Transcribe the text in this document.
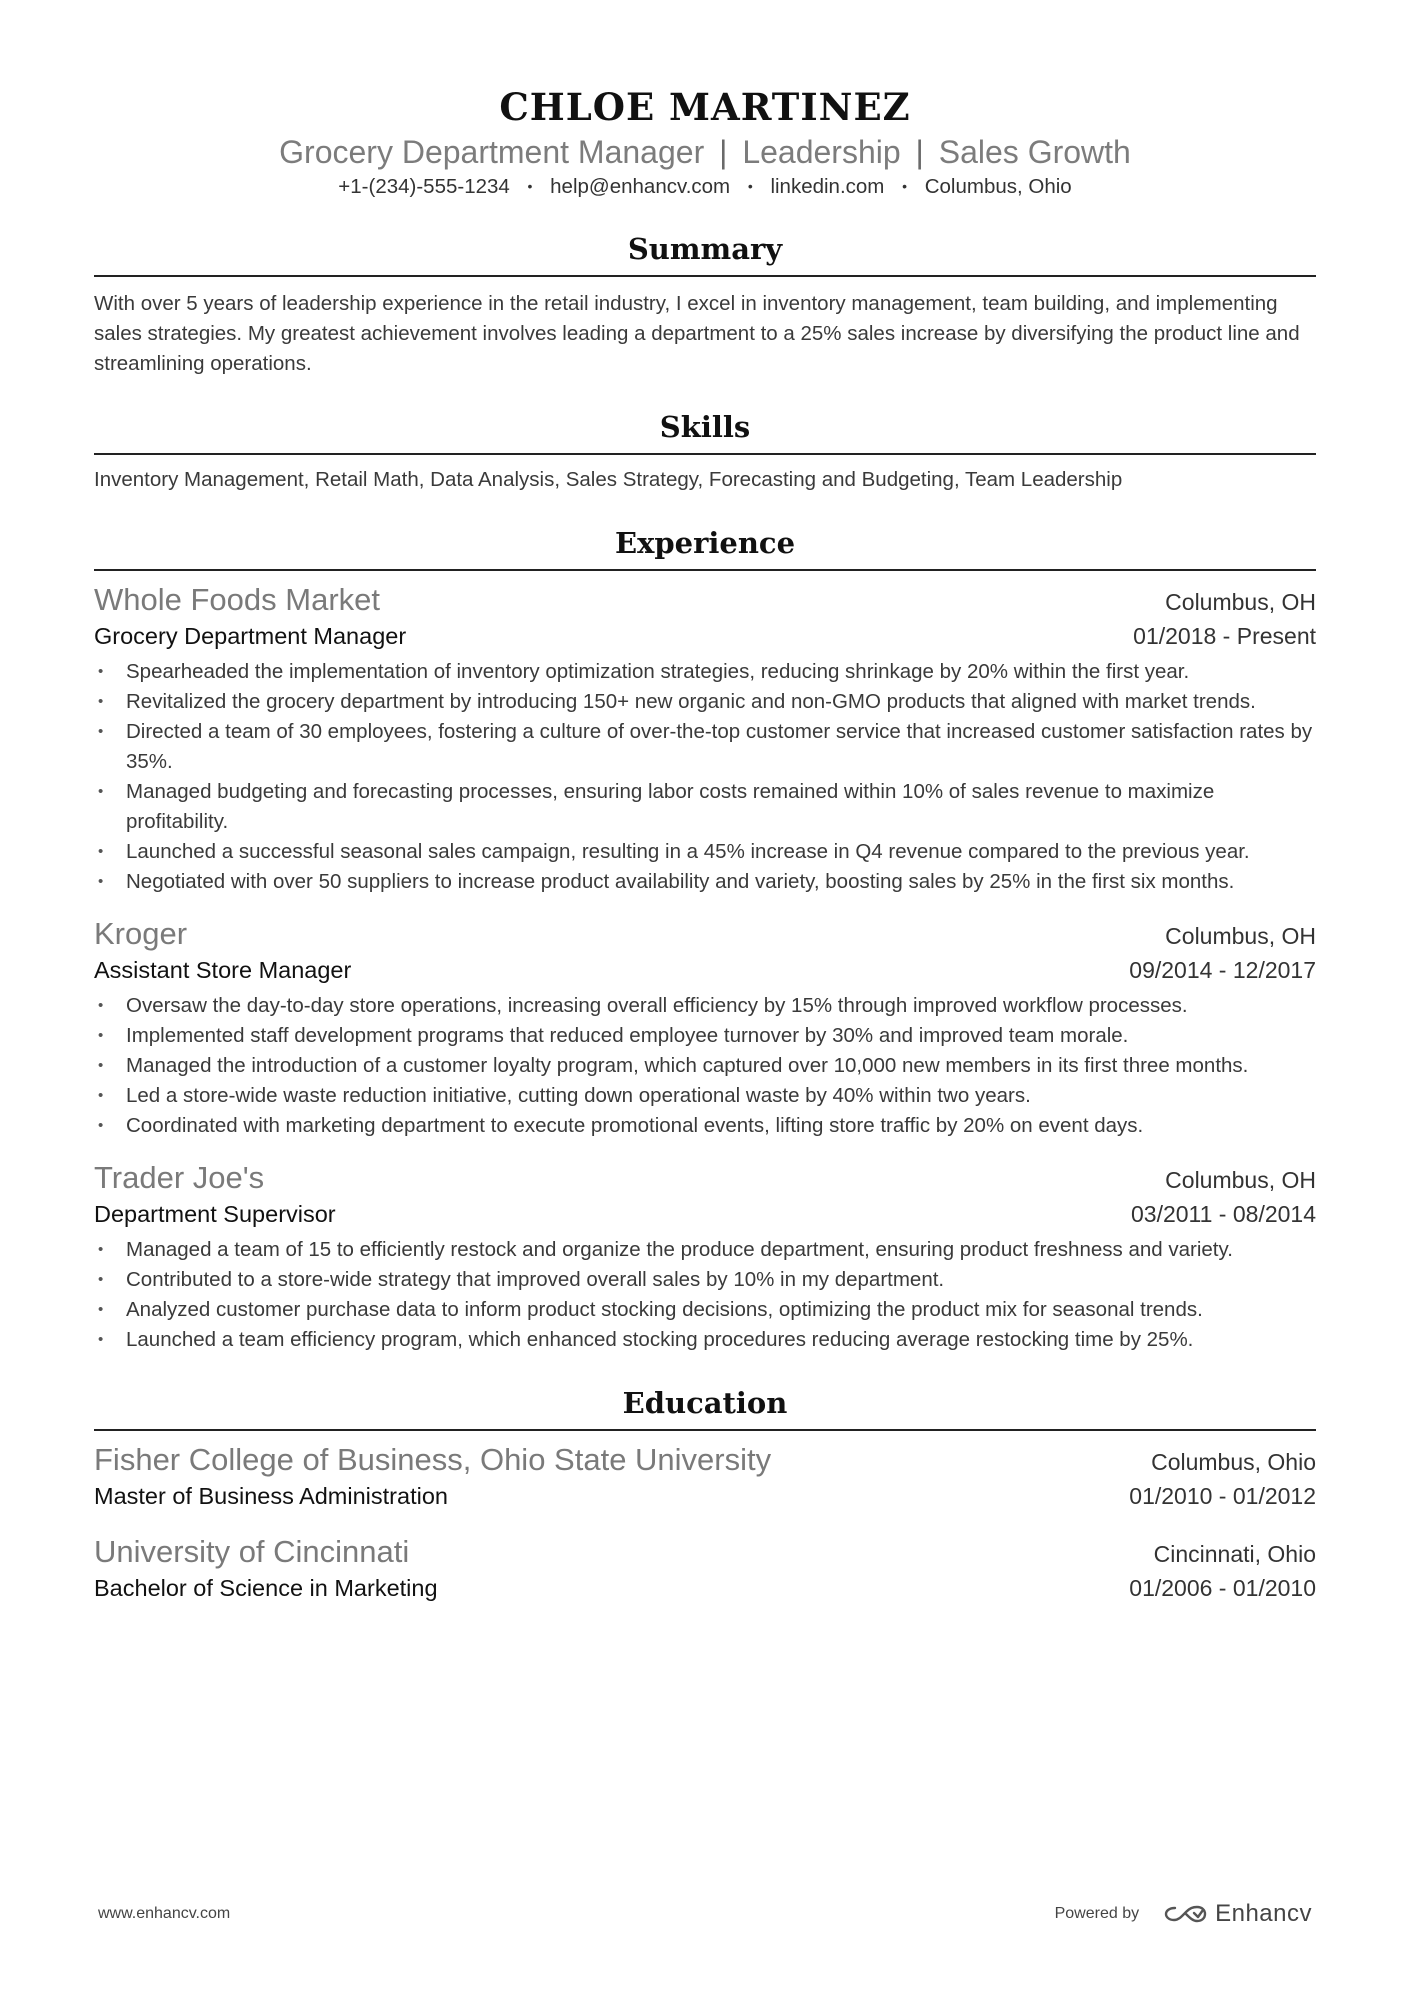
CHLOE MARTINEZ
Grocery Department Manager | Leadership | Sales Growth
+1-(234)-555-1234 • help@enhancv.com • linkedin.com • Columbus, Ohio
Summary
With over 5 years of leadership experience in the retail industry, I excel in inventory management, team building, and implementing sales strategies. My greatest achievement involves leading a department to a 25% sales increase by diversifying the product line and streamlining operations.
Skills
Inventory Management, Retail Math, Data Analysis, Sales Strategy, Forecasting and Budgeting, Team Leadership
Experience
Whole Foods Market	Columbus, OH
Grocery Department Manager	01/2018 - Present
• Spearheaded the implementation of inventory optimization strategies, reducing shrinkage by 20% within the first year.
• Revitalized the grocery department by introducing 150+ new organic and non-GMO products that aligned with market trends.
• Directed a team of 30 employees, fostering a culture of over-the-top customer service that increased customer satisfaction rates by 35%.
• Managed budgeting and forecasting processes, ensuring labor costs remained within 10% of sales revenue to maximize profitability.
• Launched a successful seasonal sales campaign, resulting in a 45% increase in Q4 revenue compared to the previous year.
• Negotiated with over 50 suppliers to increase product availability and variety, boosting sales by 25% in the first six months.
Kroger	Columbus, OH
Assistant Store Manager	09/2014 - 12/2017
• Oversaw the day-to-day store operations, increasing overall efficiency by 15% through improved workflow processes.
• Implemented staff development programs that reduced employee turnover by 30% and improved team morale.
• Managed the introduction of a customer loyalty program, which captured over 10,000 new members in its first three months.
• Led a store-wide waste reduction initiative, cutting down operational waste by 40% within two years.
• Coordinated with marketing department to execute promotional events, lifting store traffic by 20% on event days.
Trader Joe's	Columbus, OH
Department Supervisor	03/2011 - 08/2014
• Managed a team of 15 to efficiently restock and organize the produce department, ensuring product freshness and variety.
• Contributed to a store-wide strategy that improved overall sales by 10% in my department.
• Analyzed customer purchase data to inform product stocking decisions, optimizing the product mix for seasonal trends.
• Launched a team efficiency program, which enhanced stocking procedures reducing average restocking time by 25%.
Education
Fisher College of Business, Ohio State University	Columbus, Ohio
Master of Business Administration	01/2010 - 01/2012
University of Cincinnati	Cincinnati, Ohio
Bachelor of Science in Marketing	01/2006 - 01/2010
www.enhancv.com	Powered by	Enhancv
